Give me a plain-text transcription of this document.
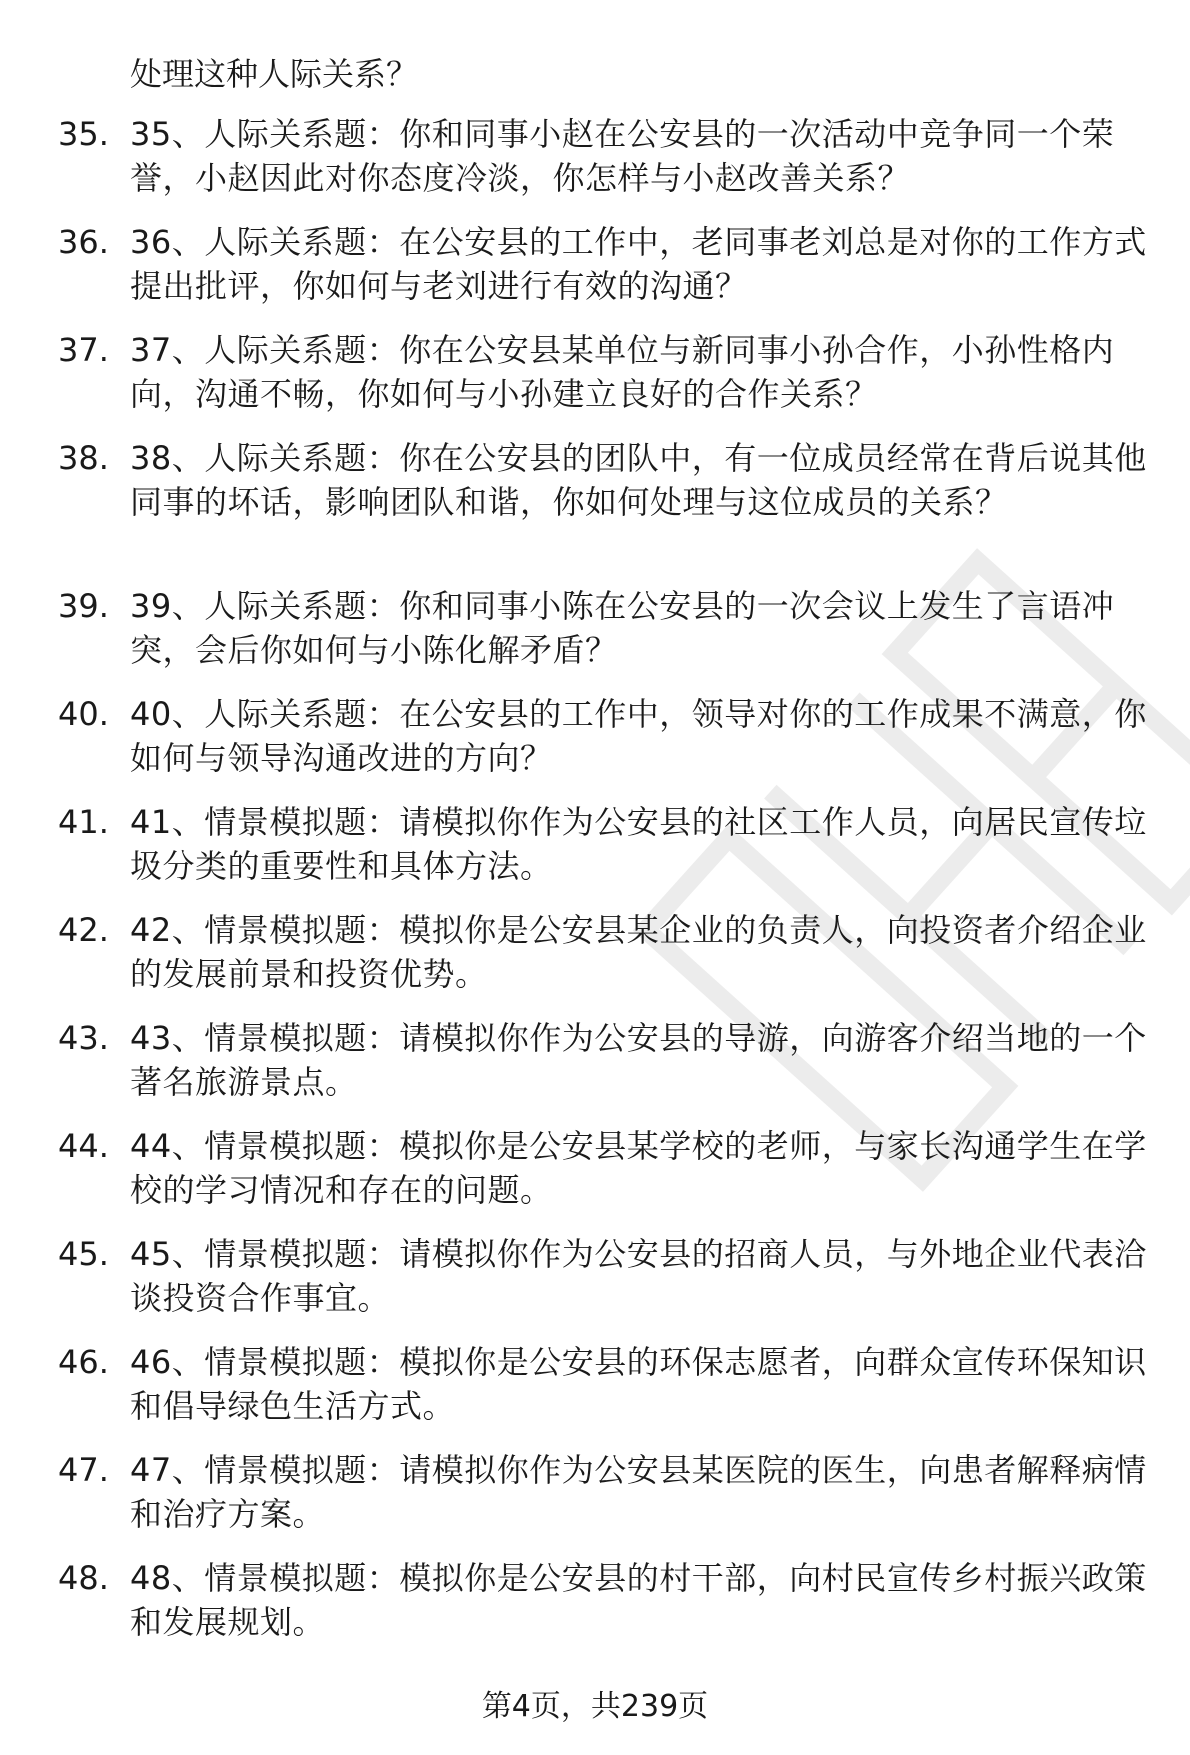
处理这种人际关系？

35. 35、人际关系题：你和同事小赵在公安县的一次活动中竞争同一个荣誉，小赵因此对你态度冷淡，你怎样与小赵改善关系？
36. 36、人际关系题：在公安县的工作中，老同事老刘总是对你的工作方式提出批评，你如何与老刘进行有效的沟通？
37. 37、人际关系题：你在公安县某单位与新同事小孙合作，小孙性格内向，沟通不畅，你如何与小孙建立良好的合作关系？
38. 38、人际关系题：你在公安县的团队中，有一位成员经常在背后说其他同事的坏话，影响团队和谐，你如何处理与这位成员的关系？
39. 39、人际关系题：你和同事小陈在公安县的一次会议上发生了言语冲突，会后你如何与小陈化解矛盾？
40. 40、人际关系题：在公安县的工作中，领导对你的工作成果不满意，你如何与领导沟通改进的方向？
41. 41、情景模拟题：请模拟你作为公安县的社区工作人员，向居民宣传垃圾分类的重要性和具体方法。
42. 42、情景模拟题：模拟你是公安县某企业的负责人，向投资者介绍企业的发展前景和投资优势。
43. 43、情景模拟题：请模拟你作为公安县的导游，向游客介绍当地的一个著名旅游景点。
44. 44、情景模拟题：模拟你是公安县某学校的老师，与家长沟通学生在学校的学习情况和存在的问题。
45. 45、情景模拟题：请模拟你作为公安县的招商人员，与外地企业代表洽谈投资合作事宜。
46. 46、情景模拟题：模拟你是公安县的环保志愿者，向群众宣传环保知识和倡导绿色生活方式。
47. 47、情景模拟题：请模拟你作为公安县某医院的医生，向患者解释病情和治疗方案。
48. 48、情景模拟题：模拟你是公安县的村干部，向村民宣传乡村振兴政策和发展规划。
第4页，共239页
